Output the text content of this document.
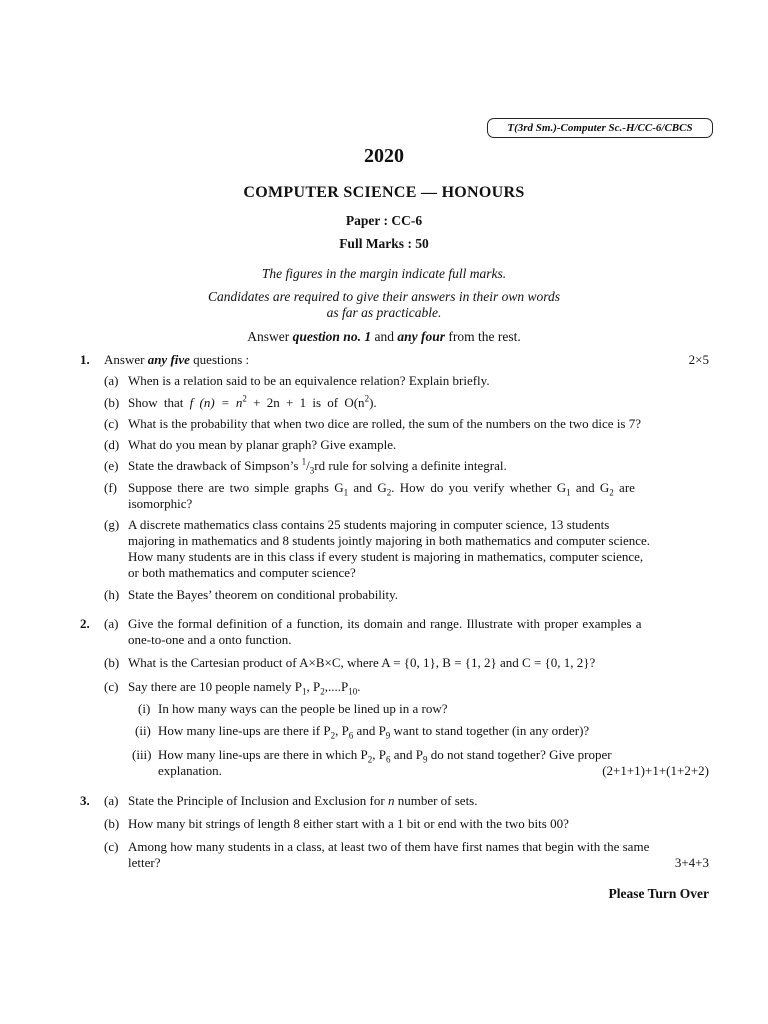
T(3rd Sm.)-Computer Sc.-H/CC-6/CBCS
2020
COMPUTER SCIENCE — HONOURS
Paper : CC-6
Full Marks : 50
The figures in the margin indicate full marks.
Candidates are required to give their answers in their own words
as far as practicable.
Answer question no. 1 and any four from the rest.
1. Answer any five questions :	2×5
(a) When is a relation said to be an equivalence relation? Explain briefly.
(b) Show that f $(n) = n^2 + 2n + 1$ is of $O(n^2)$.
(c) What is the probability that when two dice are rolled, the sum of the numbers on the two dice is 7?
(d) What do you mean by planar graph? Give example.
(e) State the drawback of Simpson’s $^1/_3rd$ rule for solving a definite integral.
(f) Suppose there are two simple graphs $G_1$ and $G_2$. How do you verify whether $G_1$ and $G_2$ are
isomorphic?
(g) A discrete mathematics class contains 25 students majoring in computer science, 13 students
majoring in mathematics and 8 students jointly majoring in both mathematics and computer science.
How many students are in this class if every student is majoring in mathematics, computer science,
or both mathematics and computer science?
(h) State the Bayes’ theorem on conditional probability.
2. (a) Give the formal definition of a function, its domain and range. Illustrate with proper examples a
one-to-one and a onto function.
(b) What is the Cartesian product of A×B×C, where A = {0, 1}, B = {1, 2} and C = {0, 1, 2}?
(c) Say there are 10 people namely $P_1$, $P_2,....P_{10}$.
(i) In how many ways can the people be lined up in a row?
(ii) How many line-ups are there if $P_2$, $P_6$ and $P_9$ want to stand together (in any order)?
(iii) How many line-ups are there in which $P_2$, $P_6$ and $P_9$ do not stand together? Give proper
explanation.	(2+1+1)+1+(1+2+2)
3. (a) State the Principle of Inclusion and Exclusion for n number of sets.
(b) How many bit strings of length 8 either start with a 1 bit or end with the two bits 00?
(c) Among how many students in a class, at least two of them have first names that begin with the same
letter?	3+4+3
Please Turn Over
